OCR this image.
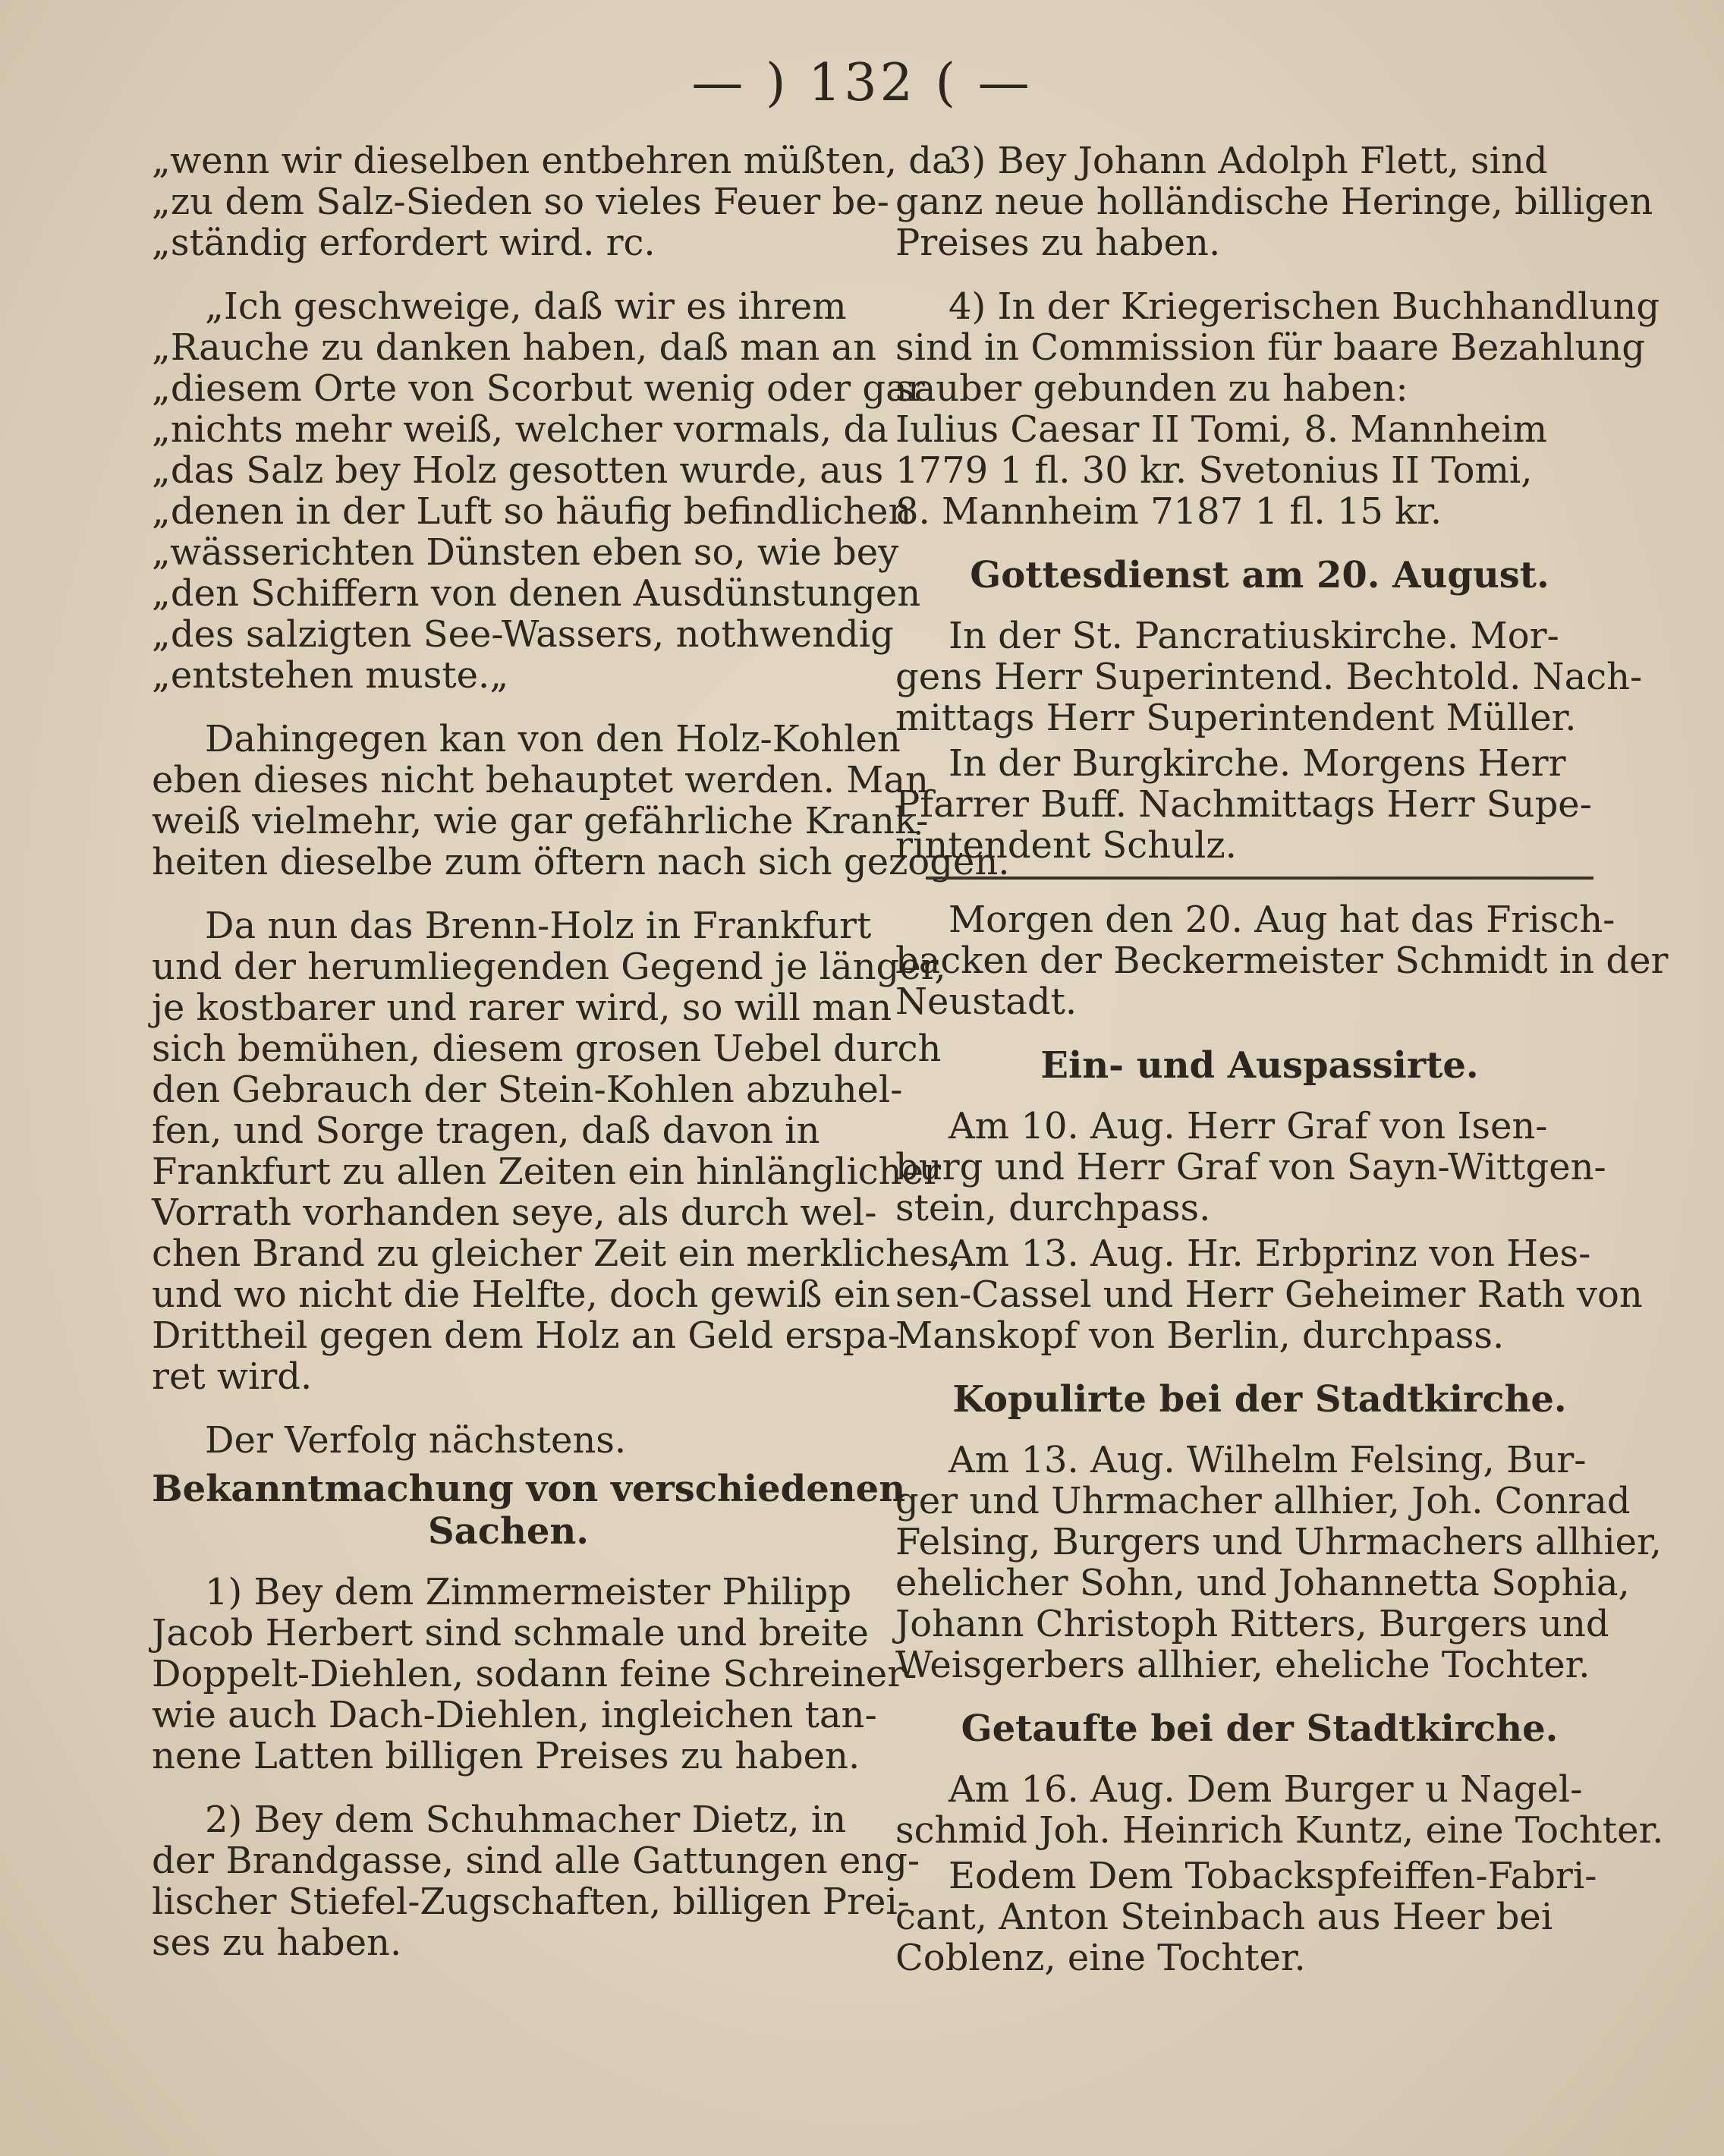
— ) 132 ( —
„wenn wir dieselben entbehren müßten, da
„zu dem Salz-Sieden so vieles Feuer be-
„ständig erfordert wird. rc.
„Ich geschweige, daß wir es ihrem
„Rauche zu danken haben, daß man an
„diesem Orte von Scorbut wenig oder gar
„nichts mehr weiß, welcher vormals, da
„das Salz bey Holz gesotten wurde, aus
„denen in der Luft so häufig befindlichen
„wässerichten Dünsten eben so, wie bey
„den Schiffern von denen Ausdünstungen
„des salzigten See-Wassers, nothwendig
„entstehen muste.„
Dahingegen kan von den Holz-Kohlen
eben dieses nicht behauptet werden. Man
weiß vielmehr, wie gar gefährliche Krank-
heiten dieselbe zum öftern nach sich gezogen.
Da nun das Brenn-Holz in Frankfurt
und der herumliegenden Gegend je länger,
je kostbarer und rarer wird, so will man
sich bemühen, diesem grosen Uebel durch
den Gebrauch der Stein-Kohlen abzuhel-
fen, und Sorge tragen, daß davon in
Frankfurt zu allen Zeiten ein hinlänglicher
Vorrath vorhanden seye, als durch wel-
chen Brand zu gleicher Zeit ein merkliches,
und wo nicht die Helfte, doch gewiß ein
Drittheil gegen dem Holz an Geld erspa-
ret wird.
Der Verfolg nächstens.
Bekanntmachung von verschiedenen
Sachen.
1) Bey dem Zimmermeister Philipp
Jacob Herbert sind schmale und breite
Doppelt-Diehlen, sodann feine Schreiner-
wie auch Dach-Diehlen, ingleichen tan-
nene Latten billigen Preises zu haben.
2) Bey dem Schuhmacher Dietz, in
der Brandgasse, sind alle Gattungen eng-
lischer Stiefel-Zugschaften, billigen Prei-
ses zu haben.
3) Bey Johann Adolph Flett, sind
ganz neue holländische Heringe, billigen
Preises zu haben.
4) In der Kriegerischen Buchhandlung
sind in Commission für baare Bezahlung
sauber gebunden zu haben:
Iulius Caesar II Tomi, 8. Mannheim
1779 1 fl. 30 kr. Svetonius II Tomi,
8. Mannheim 7187 1 fl. 15 kr.
Gottesdienst am 20. August.
In der St. Pancratiuskirche. Mor-
gens Herr Superintend. Bechtold. Nach-
mittags Herr Superintendent Müller.
In der Burgkirche. Morgens Herr
Pfarrer Buff. Nachmittags Herr Supe-
rintendent Schulz.
Morgen den 20. Aug hat das Frisch-
backen der Beckermeister Schmidt in der
Neustadt.
Ein- und Auspassirte.
Am 10. Aug. Herr Graf von Isen-
burg und Herr Graf von Sayn-Wittgen-
stein, durchpass.
Am 13. Aug. Hr. Erbprinz von Hes-
sen-Cassel und Herr Geheimer Rath von
Manskopf von Berlin, durchpass.
Kopulirte bei der Stadtkirche.
Am 13. Aug. Wilhelm Felsing, Bur-
ger und Uhrmacher allhier, Joh. Conrad
Felsing, Burgers und Uhrmachers allhier,
ehelicher Sohn, und Johannetta Sophia,
Johann Christoph Ritters, Burgers und
Weisgerbers allhier, eheliche Tochter.
Getaufte bei der Stadtkirche.
Am 16. Aug. Dem Burger u Nagel-
schmid Joh. Heinrich Kuntz, eine Tochter.
Eodem Dem Tobackspfeiffen-Fabri-
cant, Anton Steinbach aus Heer bei
Coblenz, eine Tochter.
